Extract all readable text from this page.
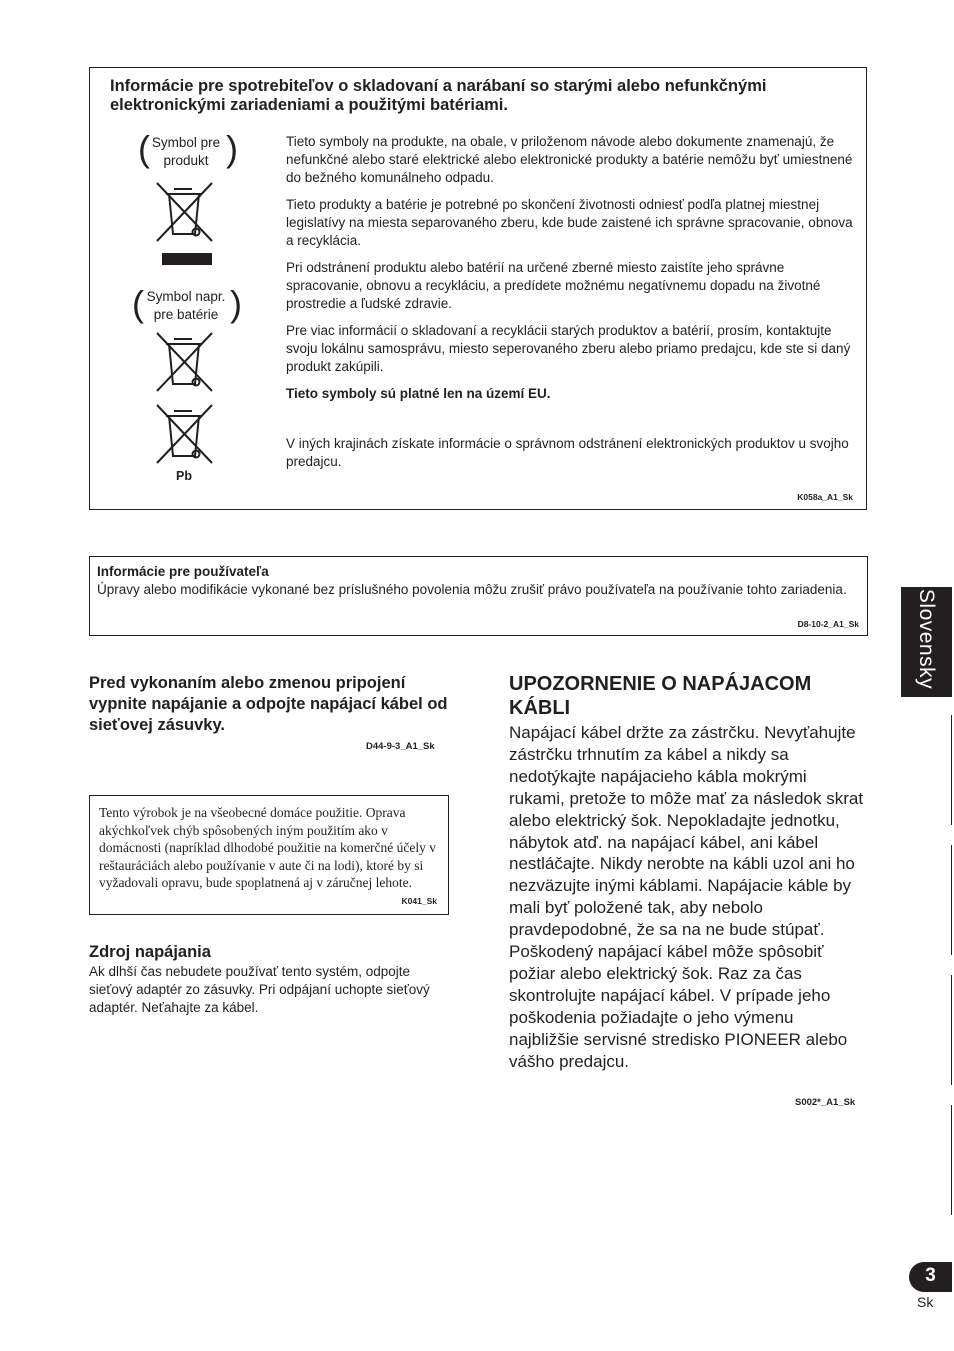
Informácie pre spotrebiteľov o skladovaní a narábaní so starými alebo nefunkčnými elektronickými zariadeniami a použitými batériami.
( Symbol pre produkt )
( Symbol napr. pre batérie )
Pb

Tieto symboly na produkte, na obale, v priloženom návode alebo dokumente znamenajú, že nefunkčné alebo staré elektrické alebo elektronické produkty a batérie nemôžu byť umiestnené do bežného komunálneho odpadu.

Tieto produkty a batérie je potrebné po skončení životnosti odniesť podľa platnej miestnej legislatívy na miesta separovaného zberu, kde bude zaistené ich správne spracovanie, obnova a recyklácia.

Pri odstránení produktu alebo batérií na určené zberné miesto zaistíte jeho správne spracovanie, obnovu a recykláciu, a predídete možnému negatívnemu dopadu na životné prostredie a ľudské zdravie.

Pre viac informácií o skladovaní a recyklácii starých produktov a batérií, prosím, kontaktujte svoju lokálnu samosprávu, miesto seperovaného zberu alebo priamo predajcu, kde ste si daný produkt zakúpili.

Tieto symboly sú platné len na území EU.

V iných krajinách získate informácie o správnom odstránení elektronických produktov u svojho predajcu.

K058a_A1_Sk
Informácie pre používateľa
Úpravy alebo modifikácie vykonané bez príslušného povolenia môžu zrušiť právo používateľa na používanie tohto zariadenia.
D8-10-2_A1_Sk
Pred vykonaním alebo zmenou pripojení vypnite napájanie a odpojte napájací kábel od sieťovej zásuvky.
D44-9-3_A1_Sk
Tento výrobok je na všeobecné domáce použitie. Oprava akýchkoľvek chýb spôsobených iným použitím ako v domácnosti (napríklad dlhodobé použitie na komerčné účely v reštauráciách alebo používanie v aute či na lodi), ktoré by si vyžadovali opravu, bude spoplatnená aj v záručnej lehote.
K041_Sk
Zdroj napájania
Ak dlhší čas nebudete používať tento systém, odpojte sieťový adaptér zo zásuvky. Pri odpájaní uchopte sieťový adaptér. Neťahajte za kábel.
UPOZORNENIE O NAPÁJACOM KÁBLI
Napájací kábel držte za zástrčku. Nevyťahujte zástrčku trhnutím za kábel a nikdy sa nedotýkajte napájacieho kábla mokrými rukami, pretože to môže mať za následok skrat alebo elektrický šok. Nepokladajte jednotku, nábytok atď. na napájací kábel, ani kábel nestláčajte. Nikdy nerobte na kábli uzol ani ho nezväzujte inými káblami. Napájacie káble by mali byť položené tak, aby nebolo pravdepodobné, že sa na ne bude stúpať. Poškodený napájací kábel môže spôsobiť požiar alebo elektrický šok. Raz za čas skontrolujte napájací kábel. V prípade jeho poškodenia požiadajte o jeho výmenu najbližšie servisné stredisko PIONEER alebo vášho predajcu.
S002*_A1_Sk
Slovensky
3
Sk
